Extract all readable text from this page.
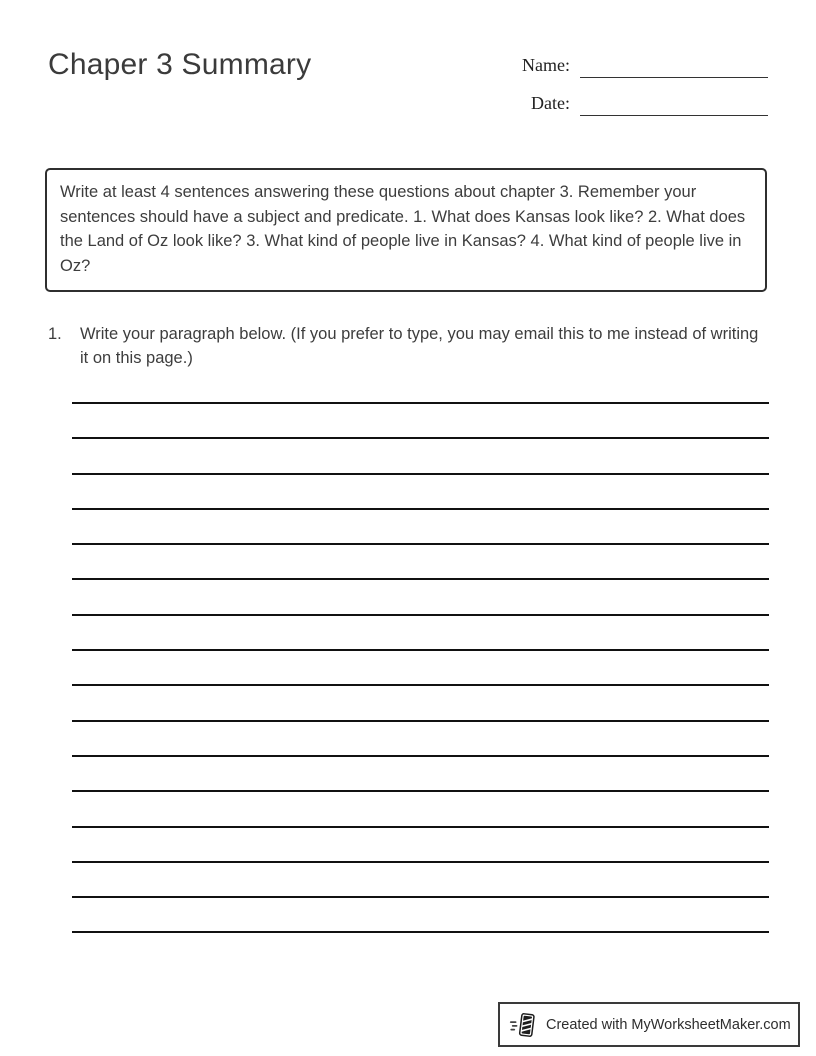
Chaper 3 Summary	Name:
Date:
Write at least 4 sentences answering these questions about chapter 3. Remember your sentences should have a subject and predicate. 1. What does Kansas look like? 2. What does the Land of Oz look like? 3. What kind of people live in Kansas? 4. What kind of people live in Oz?
1.	Write your paragraph below. (If you prefer to type, you may email this to me instead of writing it on this page.)
Created with MyWorksheetMaker.com
